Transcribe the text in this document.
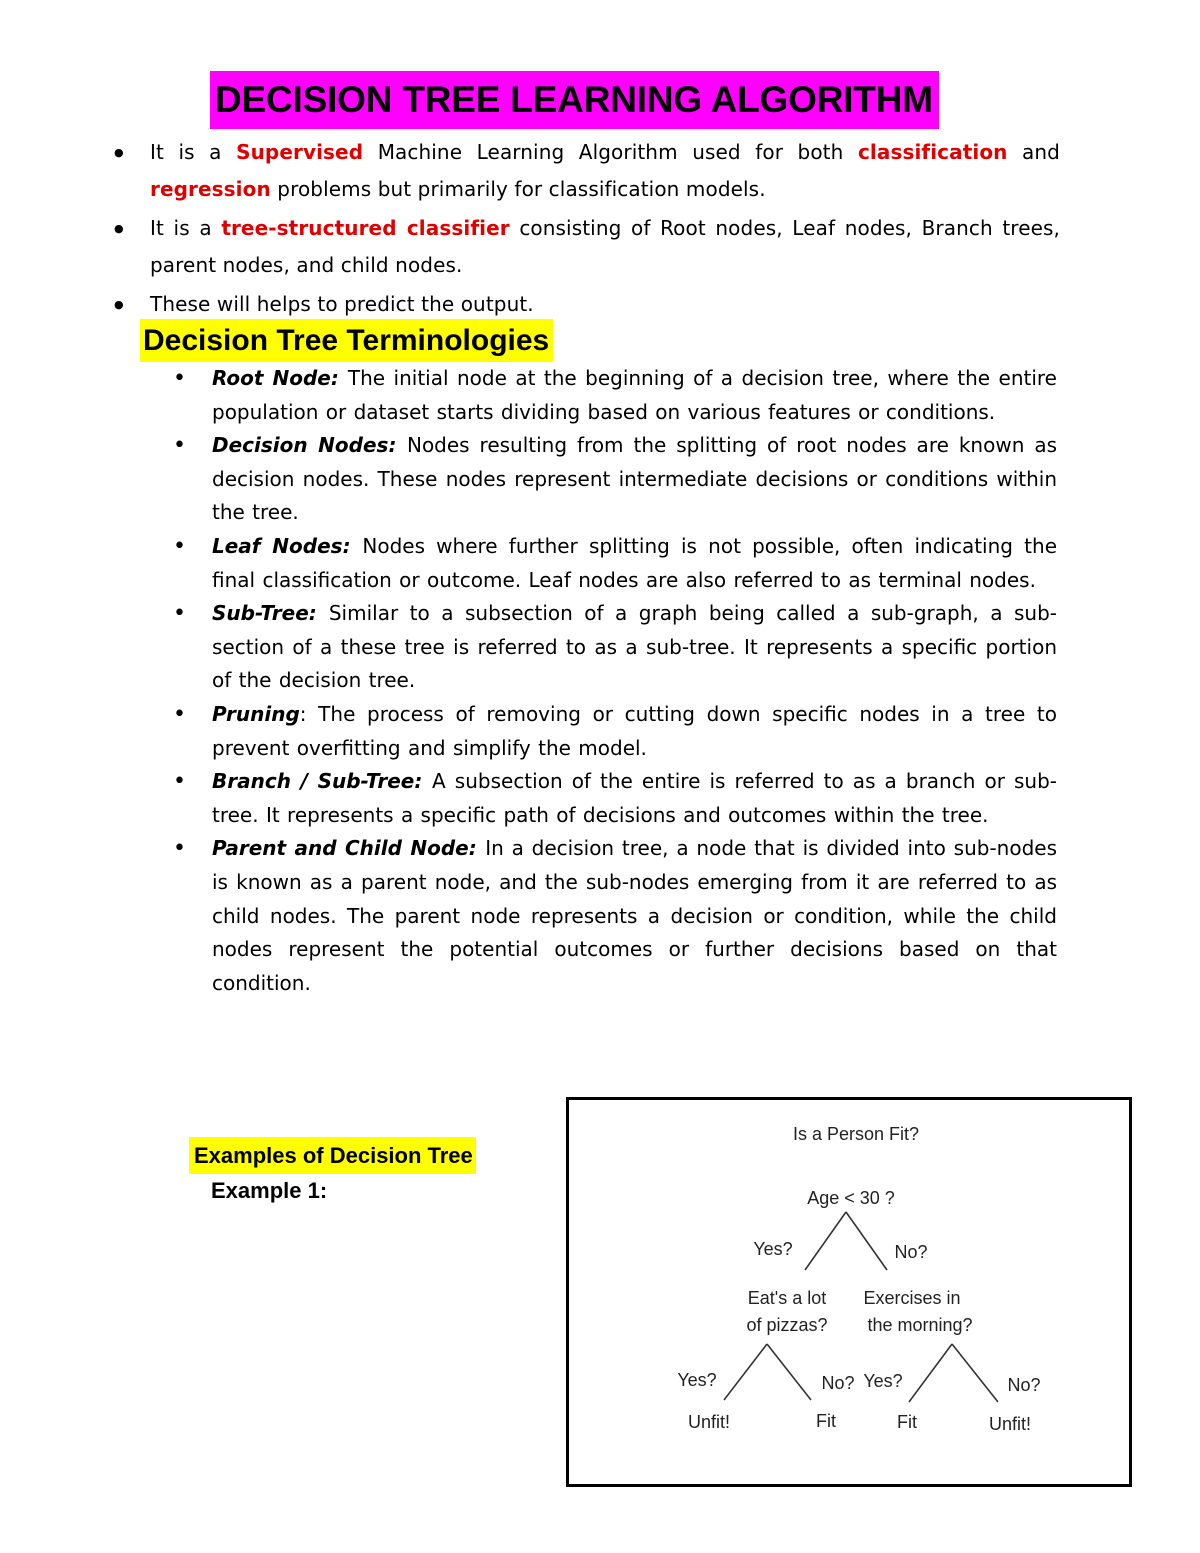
DECISION TREE LEARNING ALGORITHM
● It is a Supervised Machine Learning Algorithm used for both classification and regression problems but primarily for classification models.
● It is a tree-structured classifier consisting of Root nodes, Leaf nodes, Branch trees, parent nodes, and child nodes.
● These will helps to predict the output.
Decision Tree Terminologies
• Root Node: The initial node at the beginning of a decision tree, where the entire population or dataset starts dividing based on various features or conditions.
• Decision Nodes: Nodes resulting from the splitting of root nodes are known as decision nodes. These nodes represent intermediate decisions or conditions within the tree.
• Leaf Nodes: Nodes where further splitting is not possible, often indicating the final classification or outcome. Leaf nodes are also referred to as terminal nodes.
• Sub-Tree: Similar to a subsection of a graph being called a sub-graph, a sub-section of a these tree is referred to as a sub-tree. It represents a specific portion of the decision tree.
• Pruning: The process of removing or cutting down specific nodes in a tree to prevent overfitting and simplify the model.
• Branch / Sub-Tree: A subsection of the entire is referred to as a branch or sub-tree. It represents a specific path of decisions and outcomes within the tree.
• Parent and Child Node: In a decision tree, a node that is divided into sub-nodes is known as a parent node, and the sub-nodes emerging from it are referred to as child nodes. The parent node represents a decision or condition, while the child nodes represent the potential outcomes or further decisions based on that condition.
Examples of Decision Tree
Example 1:
Is a Person Fit?
Age < 30 ?
Yes?	No?
Eat's a lot
of pizzas?
Exercises in
the morning?
Yes?	No? Yes?	No?
Unfit!	Fit	Fit	Unfit!
